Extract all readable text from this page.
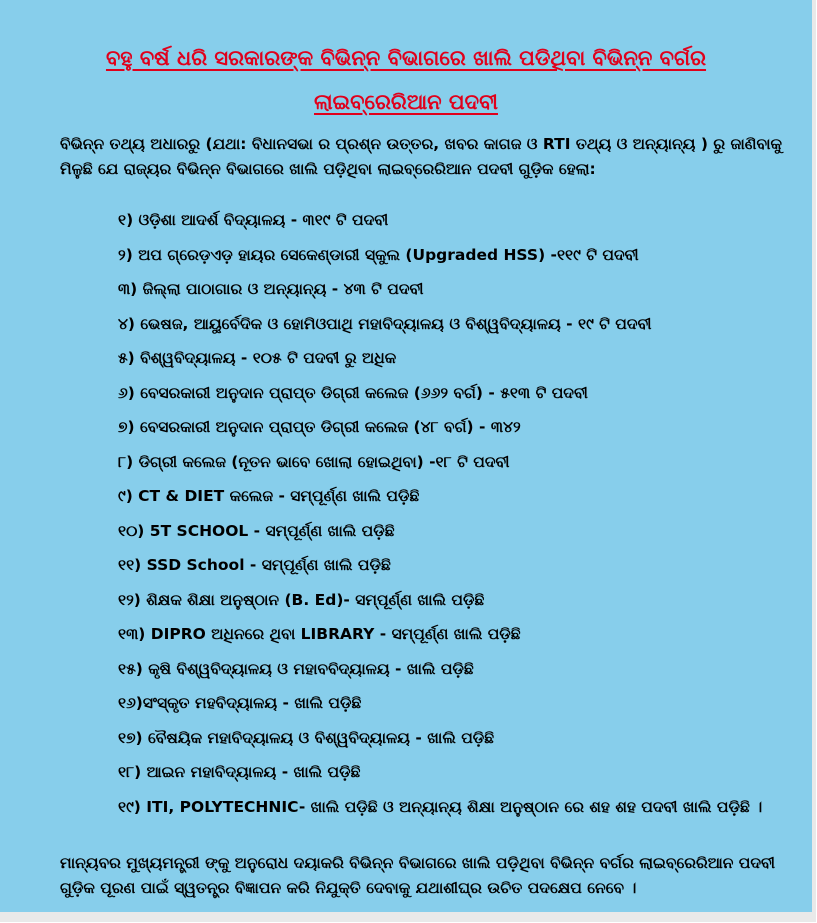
ବହୁ ବର୍ଷ ଧରି ସରକାରଙ୍କ ବିଭିନ୍ନ ବିଭାଗରେ ଖାଲି ପଡିଥିବା ବିଭିନ୍ନ ବର୍ଗର
ଲାଇବ୍ରେରିଆନ ପଦବୀ
ବିଭିନ୍ନ ତଥ୍ୟ ଅଧାରରୁ (ଯଥା: ବିଧାନସଭା ର ପ୍ରଶ୍ନ ଉତ୍ତର, ଖବର କାଗଜ ଓ RTI ତଥ୍ୟ ଓ ଅନ୍ୟାନ୍ୟ ) ରୁ ଜାଣିବାକୁ
ମିଳୁଛି ଯେ ରାଜ୍ୟର ବିଭିନ୍ନ ବିଭାଗରେ ଖାଲି ପଡ଼ିଥିବା ଲାଇବ୍ରେରିଆନ ପଦବୀ ଗୁଡ଼ିକ ହେଲା:
୧) ଓଡ଼ିଶା ଆଦର୍ଶ ବିଦ୍ୟାଳୟ - ୩୧୯ ଟି ପଦବୀ
୨) ଅପ ଗ୍ରେଡ଼ଏଡ଼ ହାୟର ସେକେଣ୍ଡାରୀ ସ୍କୁଲ (Upgraded HSS) -୧୧୯ ଟି ପଦବୀ
୩) ଜିଲ୍ଲା ପାଠାଗାର ଓ ଅନ୍ୟାନ୍ୟ - ୪୩ ଟି ପଦବୀ
୪) ଭେଷଜ, ଆୟୁର୍ବେଦିକ ଓ ହୋମିଓପାଥି ମହାବିଦ୍ୟାଳୟ ଓ ବିଶ୍ୱବିଦ୍ୟାଳୟ - ୧୯ ଟି ପଦବୀ
୫) ବିଶ୍ୱବିଦ୍ୟାଳୟ - ୧୦୫ ଟି ପଦବୀ ରୁ ଅଧିକ
୬) ବେସରକାରୀ ଅନୁଦାନ ପ୍ରାପ୍ତ ଡିଗ୍ରୀ କଲେଜ (୬୬୨ ବର୍ଗ) - ୫୧୩ ଟି ପଦବୀ
୭) ବେସରକାରୀ ଅନୁଦାନ ପ୍ରାପ୍ତ ଡିଗ୍ରୀ କଲେଜ (୪୮ ବର୍ଗ) - ୩୪୨
୮) ଡିଗ୍ରୀ କଲେଜ (ନୂତନ ଭାବେ ଖୋଲା ହୋଇଥିବା) -୧୮ ଟି ପଦବୀ
୯) CT & DIET କଲେଜ - ସମ୍ପୂର୍ଣ୍ଣ ଖାଲି ପଡ଼ିଛି
୧୦) 5T SCHOOL - ସମ୍ପୂର୍ଣ୍ଣ ଖାଲି ପଡ଼ିଛି
୧୧) SSD School - ସମ୍ପୂର୍ଣ୍ଣ ଖାଲି ପଡ଼ିଛି
୧୨) ଶିକ୍ଷକ ଶିକ୍ଷା ଅନୁଷ୍ଠାନ (B. Ed)- ସମ୍ପୂର୍ଣ୍ଣ ଖାଲି ପଡ଼ିଛି
୧୩) DIPRO ଅଧିନରେ ଥିବା LIBRARY - ସମ୍ପୂର୍ଣ୍ଣ ଖାଲି ପଡ଼ିଛି
୧୫) କୃଷି ବିଶ୍ୱବିଦ୍ୟାଳୟ ଓ ମହାବବିଦ୍ୟାଳୟ - ଖାଲି ପଡ଼ିଛି
୧୬)ସଂସ୍କୃତ ମହବିଦ୍ୟାଳୟ - ଖାଲି ପଡ଼ିଛି
୧୭) ବୈଷୟିକ ମହାବିଦ୍ୟାଳୟ ଓ ବିଶ୍ୱବିଦ୍ୟାଳୟ - ଖାଲି ପଡ଼ିଛି
୧୮) ଆଇନ ମହାବିଦ୍ୟାଳୟ - ଖାଲି ପଡ଼ିଛି
୧୯) ITI, POLYTECHNIC- ଖାଲି ପଡ଼ିଛି ଓ ଅନ୍ୟାନ୍ୟ ଶିକ୍ଷା ଅନୁଷ୍ଠାନ ରେ ଶହ ଶହ ପଦବୀ ଖାଲି ପଡ଼ିଛି ।
ମାନ୍ୟବର ମୁଖ୍ୟମନ୍ତ୍ରୀ ଙ୍କୁ ଅନୁରୋଧ ଦୟାକରି ବିଭିନ୍ନ ବିଭାଗରେ ଖାଲି ପଡ଼ିଥିବା ବିଭିନ୍ନ ବର୍ଗର ଲାଇବ୍ରେରିଆନ ପଦବୀ
ଗୁଡ଼ିକ ପୂରଣ ପାଇଁ ସ୍ୱତନ୍ତ୍ର ବିଜ୍ଞାପନ କରି ନିଯୁକ୍ତି ଦେବାକୁ ଯଥାଶୀଘ୍ର ଉଚିତ ପଦକ୍ଷେପ ନେବେ ।
